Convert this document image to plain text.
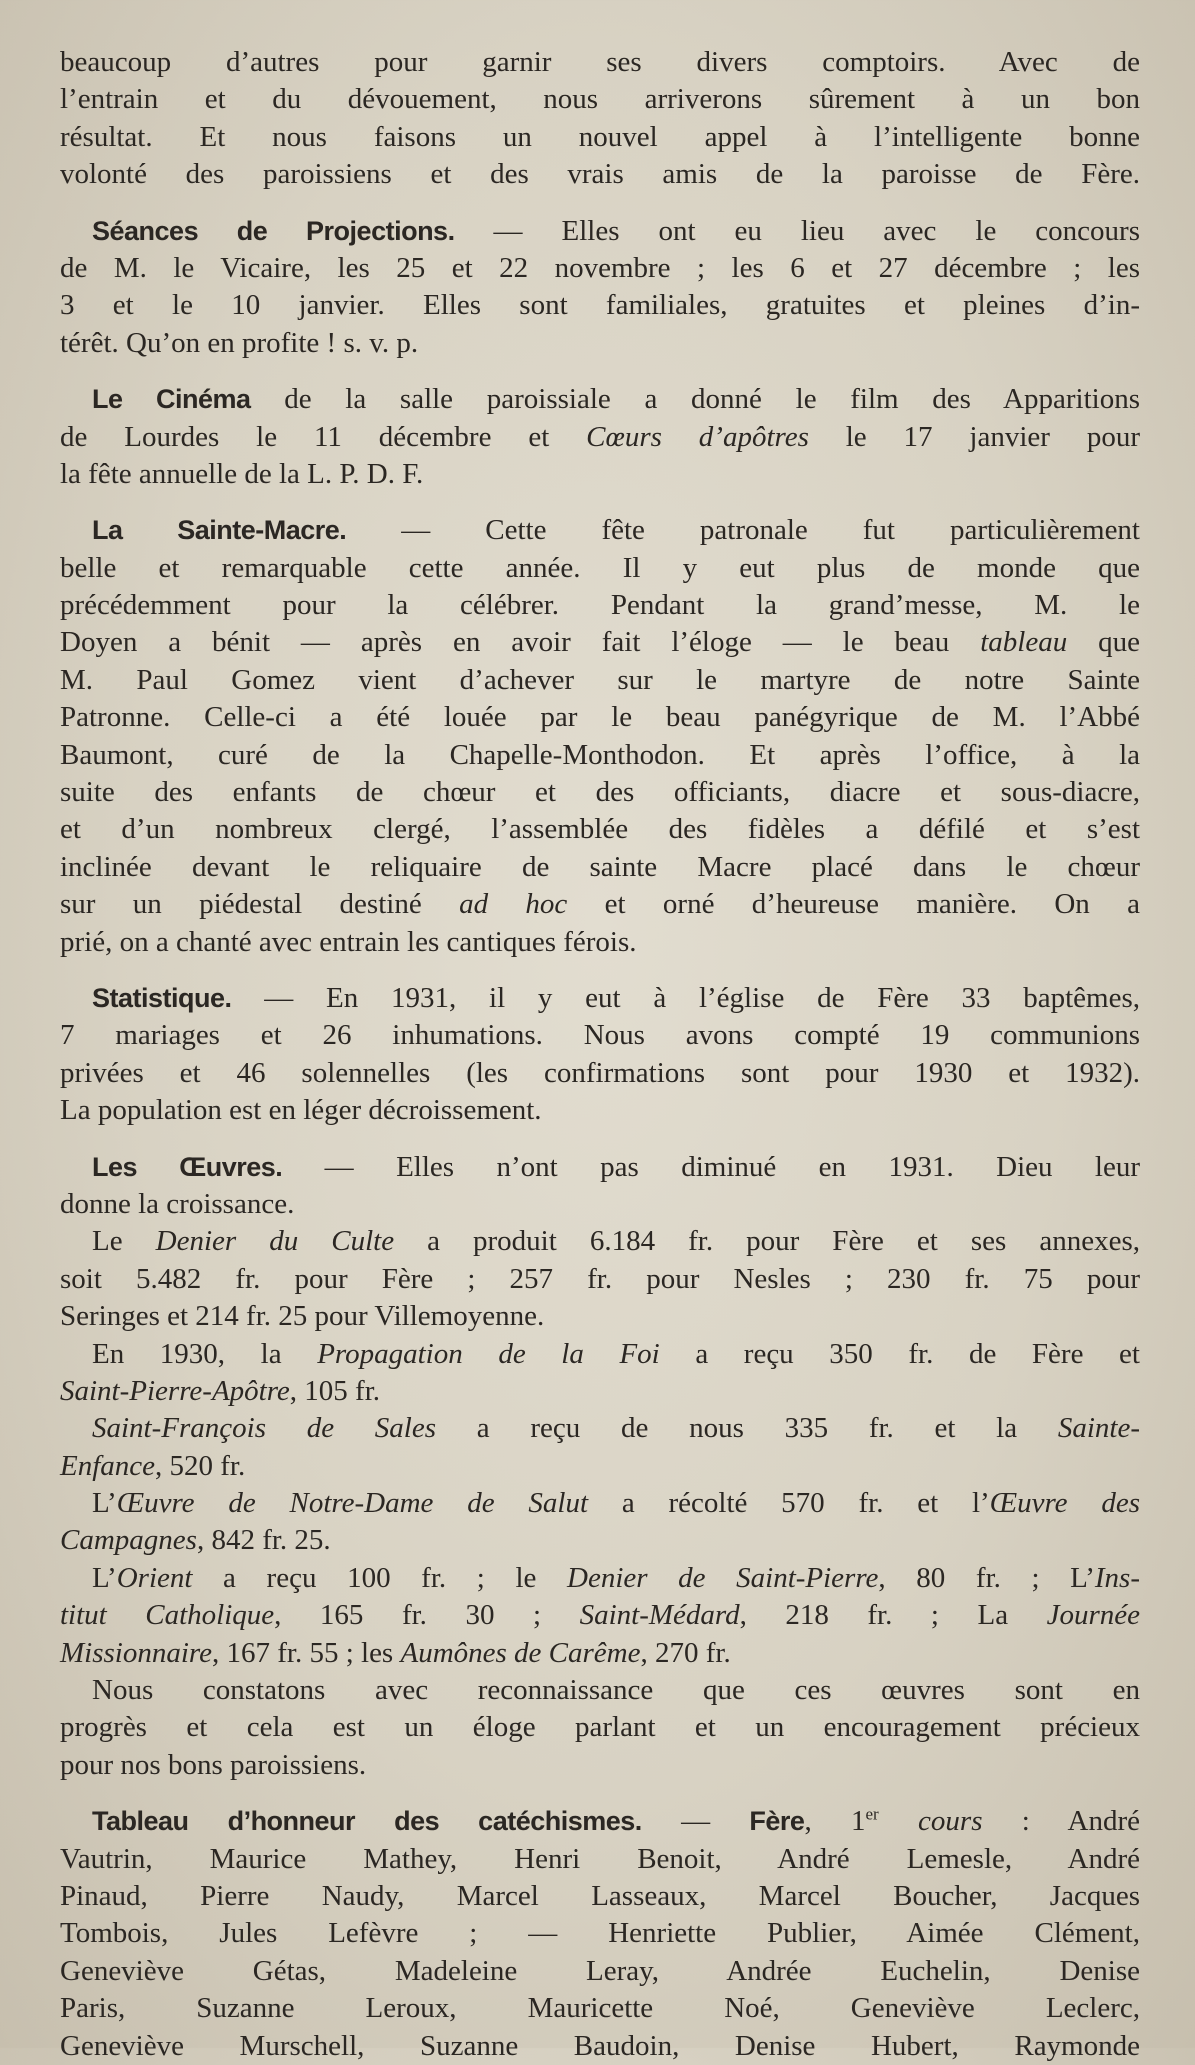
beaucoup d’autres pour garnir ses divers comptoirs. Avec de
l’entrain et du dévouement, nous arriverons sûrement à un bon
résultat. Et nous faisons un nouvel appel à l’intelligente bonne
volonté des paroissiens et des vrais amis de la paroisse de Fère.
Séances de Projections. — Elles ont eu lieu avec le concours
de M. le Vicaire, les 25 et 22 novembre ; les 6 et 27 décembre ; les
3 et le 10 janvier. Elles sont familiales, gratuites et pleines d’in-
térêt. Qu’on en profite ! s. v. p.
Le Cinéma de la salle paroissiale a donné le film des Apparitions
de Lourdes le 11 décembre et Cœurs d’apôtres le 17 janvier pour
la fête annuelle de la L. P. D. F.
La Sainte-Macre. — Cette fête patronale fut particulièrement
belle et remarquable cette année. Il y eut plus de monde que
précédemment pour la célébrer. Pendant la grand’messe, M. le
Doyen a bénit — après en avoir fait l’éloge — le beau tableau que
M. Paul Gomez vient d’achever sur le martyre de notre Sainte
Patronne. Celle-ci a été louée par le beau panégyrique de M. l’Abbé
Baumont, curé de la Chapelle-Monthodon. Et après l’office, à la
suite des enfants de chœur et des officiants, diacre et sous-diacre,
et d’un nombreux clergé, l’assemblée des fidèles a défilé et s’est
inclinée devant le reliquaire de sainte Macre placé dans le chœur
sur un piédestal destiné ad hoc et orné d’heureuse manière. On a
prié, on a chanté avec entrain les cantiques férois.
Statistique. — En 1931, il y eut à l’église de Fère 33 baptêmes,
7 mariages et 26 inhumations. Nous avons compté 19 communions
privées et 46 solennelles (les confirmations sont pour 1930 et 1932).
La population est en léger décroissement.
Les Œuvres. — Elles n’ont pas diminué en 1931. Dieu leur
donne la croissance.
Le Denier du Culte a produit 6.184 fr. pour Fère et ses annexes,
soit 5.482 fr. pour Fère ; 257 fr. pour Nesles ; 230 fr. 75 pour
Seringes et 214 fr. 25 pour Villemoyenne.
En 1930, la Propagation de la Foi a reçu 350 fr. de Fère et
Saint-Pierre-Apôtre, 105 fr.
Saint-François de Sales a reçu de nous 335 fr. et la Sainte-
Enfance, 520 fr.
L’Œuvre de Notre-Dame de Salut a récolté 570 fr. et l’Œuvre des
Campagnes, 842 fr. 25.
L’Orient a reçu 100 fr. ; le Denier de Saint-Pierre, 80 fr. ; L’Ins-
titut Catholique, 165 fr. 30 ; Saint-Médard, 218 fr. ; La Journée
Missionnaire, 167 fr. 55 ; les Aumônes de Carême, 270 fr.
Nous constatons avec reconnaissance que ces œuvres sont en
progrès et cela est un éloge parlant et un encouragement précieux
pour nos bons paroissiens.
Tableau d’honneur des catéchismes. — Fère, 1er cours : André
Vautrin, Maurice Mathey, Henri Benoit, André Lemesle, André
Pinaud, Pierre Naudy, Marcel Lasseaux, Marcel Boucher, Jacques
Tombois, Jules Lefèvre ; — Henriette Publier, Aimée Clément,
Geneviève Gétas, Madeleine Leray, Andrée Euchelin, Denise
Paris, Suzanne Leroux, Mauricette Noé, Geneviève Leclerc,
Geneviève Murschell, Suzanne Baudoin, Denise Hubert, Raymonde
